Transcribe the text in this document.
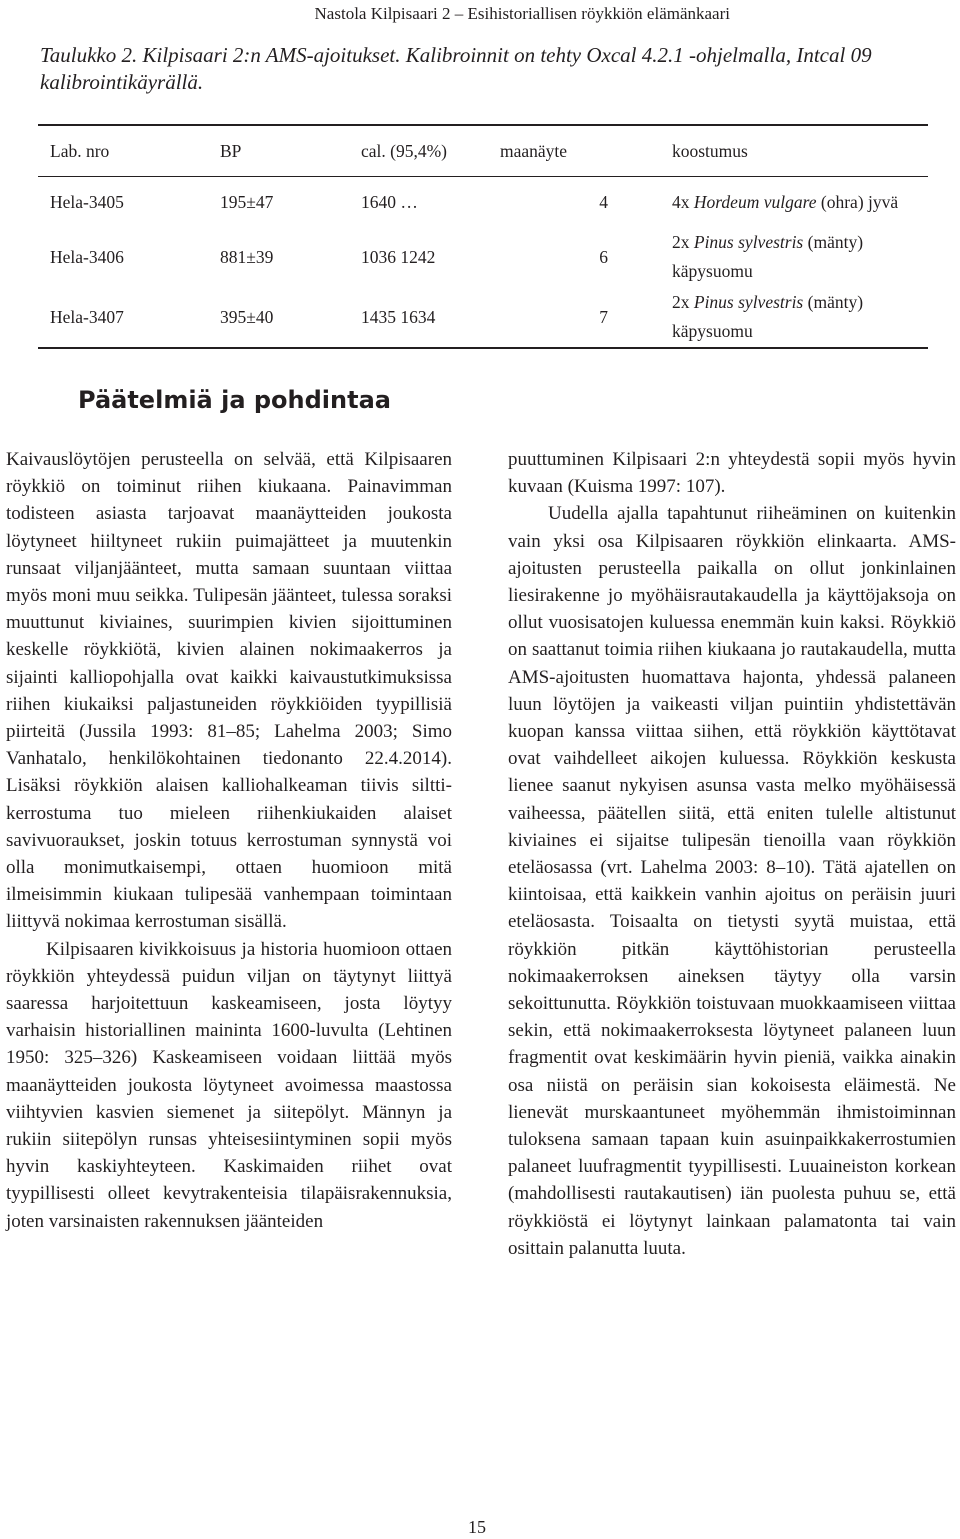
Nastola Kilpisaari 2 – Esihistoriallisen röykkiön elämänkaari
Taulukko 2. Kilpisaari 2:n AMS-ajoitukset. Kalibroinnit on tehty Oxcal 4.2.1 -ohjelmalla, Intcal 09 kalibrointikäyrällä.
Lab. nro	BP	cal. (95,4%)	maanäyte	koostumus
Hela-3405	195±47	1640 …	4	4x Hordeum vulgare (ohra) jyvä
Hela-3406	881±39	1036 1242	6	2x Pinus sylvestris (mänty)
käpysuomu
Hela-3407	395±40	1435 1634	7	2x Pinus sylvestris (mänty)
käpysuomu
Päätelmiä ja pohdintaa

Kaivauslöytöjen perusteella on selvää, että Kilpisaaren röykkiö on toiminut riihen kiukaana. Painavimman todisteen asiasta tarjoavat maanäytteiden joukosta löytyneet hiiltyneet rukiin puimajätteet ja muutenkin runsaat viljanjäänteet, mutta samaan suuntaan viittaa myös moni muu seikka. Tulipesän jäänteet, tulessa soraksi muuttunut kiviaines, suurimpien kivien sijoittuminen keskelle röykkiötä, kivien alainen nokimaakerros ja sijainti kalliopohjalla ovat kaikki kaivaustutkimuksissa riihen kiukaiksi paljastuneiden röykkiöiden tyypillisiä piirteitä (Jussila 1993: 81–85; Lahelma 2003; Simo Vanhatalo, henkilökohtainen tiedonanto 22.4.2014). Lisäksi röykkiön alaisen kalliohalkeaman tiivis silttikerrostuma tuo mieleen riihenkiukaiden alaiset savivuoraukset, joskin totuus kerrostuman synnystä voi olla monimutkaisempi, ottaen huomioon mitä ilmeisimmin kiukaan tulipesää vanhempaan toimintaan liittyvä nokimaa kerrostuman sisällä.

Kilpisaaren kivikkoisuus ja historia huomioon ottaen röykkiön yhteydessä puidun viljan on täytynyt liittyä saaressa harjoitettuun kaskeamiseen, josta löytyy varhaisin historiallinen maininta 1600-luvulta (Lehtinen 1950: 325–326) Kaskeamiseen voidaan liittää myös maanäytteiden joukosta löytyneet avoimessa maastossa viihtyvien kasvien siemenet ja siitepölyt. Männyn ja rukiin siitepölyn runsas yhteisesiintyminen sopii myös hyvin kaskiyhteyteen. Kaskimaiden riihet ovat tyypillisesti olleet kevytrakenteisia tilapäisrakennuksia, joten varsinaisten rakennuksen jäänteiden

puuttuminen Kilpisaari 2:n yhteydestä sopii myös hyvin kuvaan (Kuisma 1997: 107).

Uudella ajalla tapahtunut riiheäminen on kuitenkin vain yksi osa Kilpisaaren röykkiön elinkaarta. AMS-ajoitusten perusteella paikalla on ollut jonkinlainen liesirakenne jo myöhäisrautakaudella ja käyttöjaksoja on ollut vuosisatojen kuluessa enemmän kuin kaksi. Röykkiö on saattanut toimia riihen kiukaana jo rautakaudella, mutta AMS-ajoitusten huomattava hajonta, yhdessä palaneen luun löytöjen ja vaikeasti viljan puintiin yhdistettävän kuopan kanssa viittaa siihen, että röykkiön käyttötavat ovat vaihdelleet aikojen kuluessa. Röykkiön keskusta lienee saanut nykyisen asunsa vasta melko myöhäisessä vaiheessa, päätellen siitä, että eniten tulelle altistunut kiviaines ei sijaitse tulipesän tienoilla vaan röykkiön eteläosassa (vrt. Lahelma 2003: 8–10). Tätä ajatellen on kiintoisaa, että kaikkein vanhin ajoitus on peräisin juuri eteläosasta. Toisaalta on tietysti syytä muistaa, että röykkiön pitkän käyttöhistorian perusteella nokimaakerroksen aineksen täytyy olla varsin sekoittunutta. Röykkiön toistuvaan muokkaamiseen viittaa sekin, että nokimaakerroksesta löytyneet palaneen luun fragmentit ovat keskimäärin hyvin pieniä, vaikka ainakin osa niistä on peräisin sian kokoisesta eläimestä. Ne lienevät murskaantuneet myöhemmän ihmistoiminnan tuloksena samaan tapaan kuin asuinpaikkakerrostumien palaneet luufragmentit tyypillisesti. Luuaineiston korkean (mahdollisesti rautakautisen) iän puolesta puhuu se, että röykkiöstä ei löytynyt lainkaan palamatonta tai vain osittain palanutta luuta.

15
